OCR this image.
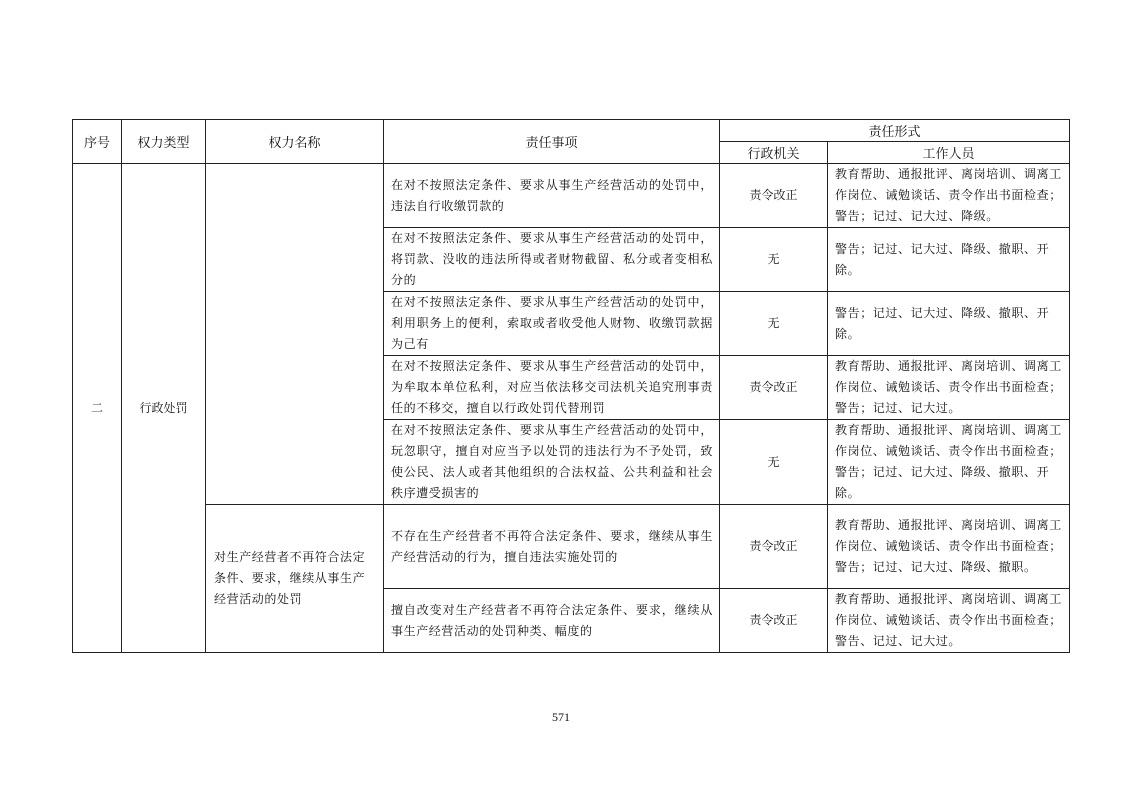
序号	权力类型	权力名称	责任事项	责任形式	
				行政机关	工作人员
二	行政处罚		在对不按照法定条件、要求从事生产经营活动的处罚中，违法自行收缴罚款的	责令改正	教育帮助、通报批评、离岗培训、调离工作岗位、诫勉谈话、责令作出书面检查；警告；记过、记大过、降级。
			在对不按照法定条件、要求从事生产经营活动的处罚中，将罚款、没收的违法所得或者财物截留、私分或者变相私分的	无	警告；记过、记大过、降级、撤职、开除。
			在对不按照法定条件、要求从事生产经营活动的处罚中，利用职务上的便利，索取或者收受他人财物、收缴罚款据为己有	无	警告；记过、记大过、降级、撤职、开除。
			在对不按照法定条件、要求从事生产经营活动的处罚中，为牟取本单位私利，对应当依法移交司法机关追究刑事责任的不移交，擅自以行政处罚代替刑罚	责令改正	教育帮助、通报批评、离岗培训、调离工作岗位、诫勉谈话、责令作出书面检查；警告；记过、记大过。
			在对不按照法定条件、要求从事生产经营活动的处罚中，玩忽职守，擅自对应当予以处罚的违法行为不予处罚，致使公民、法人或者其他组织的合法权益、公共利益和社会秩序遭受损害的	无	教育帮助、通报批评、离岗培训、调离工作岗位、诫勉谈话、责令作出书面检查；警告；记过、记大过、降级、撤职、开除。
		对生产经营者不再符合法定条件、要求，继续从事生产经营活动的处罚	不存在生产经营者不再符合法定条件、要求，继续从事生产经营活动的行为，擅自违法实施处罚的	责令改正	教育帮助、通报批评、离岗培训、调离工作岗位、诫勉谈话、责令作出书面检查；警告；记过、记大过、降级、撤职。
			擅自改变对生产经营者不再符合法定条件、要求，继续从事生产经营活动的处罚种类、幅度的	责令改正	教育帮助、通报批评、离岗培训、调离工作岗位、诫勉谈话、责令作出书面检查；警告、记过、记大过。
571
